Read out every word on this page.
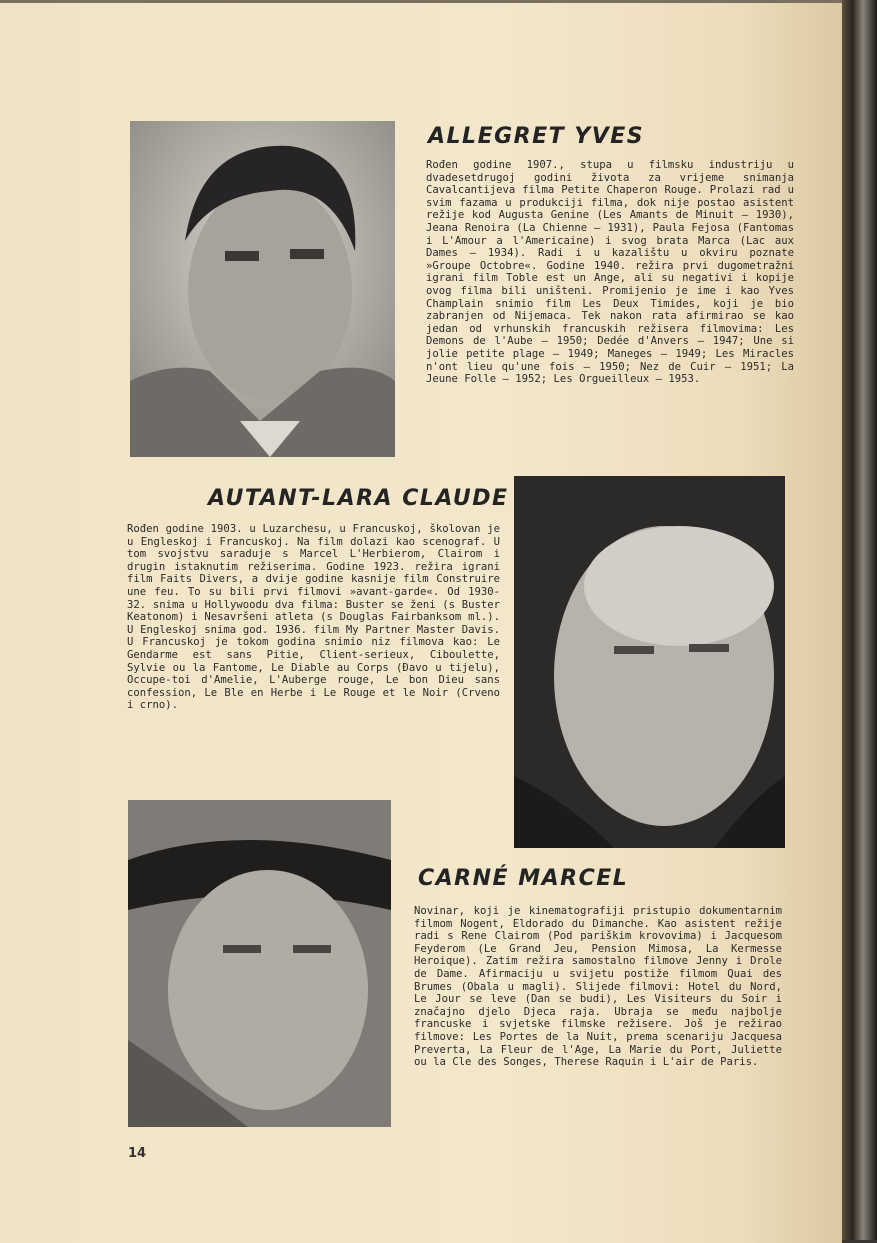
ALLEGRET YVES

Rođen godine 1907., stupa u filmsku industriju u dvadesetdrugoj godini života za vrijeme snimanja Cavalcantijeva filma Petite Chaperon Rouge. Prolazi rad u svim fazama u produkciji filma, dok nije postao asistent režije kod Augusta Genine (Les Amants de Minuit — 1930), Jeana Renoira (La Chienne — 1931), Paula Fejosa (Fantomas i L'Amour a l'Americaine) i svog brata Marca (Lac aux Dames — 1934). Radi i u kazalištu u okviru poznate »Groupe Octobre«. Godine 1940. režira prvi dugometražni igrani film Toble est un Ange, ali su negativi i kopije ovog filma bili uništeni. Promijenio je ime i kao Yves Champlain snimio film Les Deux Timides, koji je bio zabranjen od Nijemaca. Tek nakon rata afirmirao se kao jedan od vrhunskih francuskih režisera filmovima: Les Demons de l'Aube — 1950; Dedée d'Anvers — 1947; Une si jolie petite plage — 1949; Maneges — 1949; Les Miracles n'ont lieu qu'une fois — 1950; Nez de Cuir — 1951; La Jeune Folle — 1952; Les Orgueilleux — 1953.

AUTANT-LARA CLAUDE

Rođen godine 1903. u Luzarchesu, u Francuskoj, školovan je u Engleskoj i Francuskoj. Na film dolazi kao scenograf. U tom svojstvu saraduje s Marcel L'Herbierom, Clairom i drugin istaknutim režiserima. Godine 1923. režira igrani film Faits Divers, a dvije godine kasnije film Construire une feu. To su bili prvi filmovi »avant-garde«. Od 1930-32. snima u Hollywoodu dva filma: Buster se ženi (s Buster Keatonom) i Nesavršeni atleta (s Douglas Fairbanksom ml.). U Engleskoj snima god. 1936. film My Partner Master Davis. U Francuskoj je tokom godina snimio niz filmova kao: Le Gendarme est sans Pitie, Client-serieux, Ciboulette, Sylvie ou la Fantome, Le Diable au Corps (Đavo u tijelu), Occupe-toi d'Amelie, L'Auberge rouge, Le bon Dieu sans confession, Le Ble en Herbe i Le Rouge et le Noir (Crveno i crno).

CARNÉ MARCEL

Novinar, koji je kinematografiji pristupio dokumentarnim filmom Nogent, Eldorado du Dimanche. Kao asistent režije radi s Rene Clairom (Pod pariškim krovovima) i Jacquesom Feyderom (Le Grand Jeu, Pension Mimosa, La Kermesse Heroique). Zatim režira samostalno filmove Jenny i Drole de Dame. Afirmaciju u svijetu postiže filmom Quai des Brumes (Obala u magli). Slijede filmovi: Hotel du Nord, Le Jour se leve (Dan se budi), Les Visiteurs du Soir i značajno djelo Djeca raja. Ubraja se među najbolje francuske i svjetske filmske režisere. Još je režirao filmove: Les Portes de la Nuit, prema scenariju Jacquesa Preverta, La Fleur de l'Age, La Marie du Port, Juliette ou la Cle des Songes, Therese Raquin i L'air de Paris.

14
